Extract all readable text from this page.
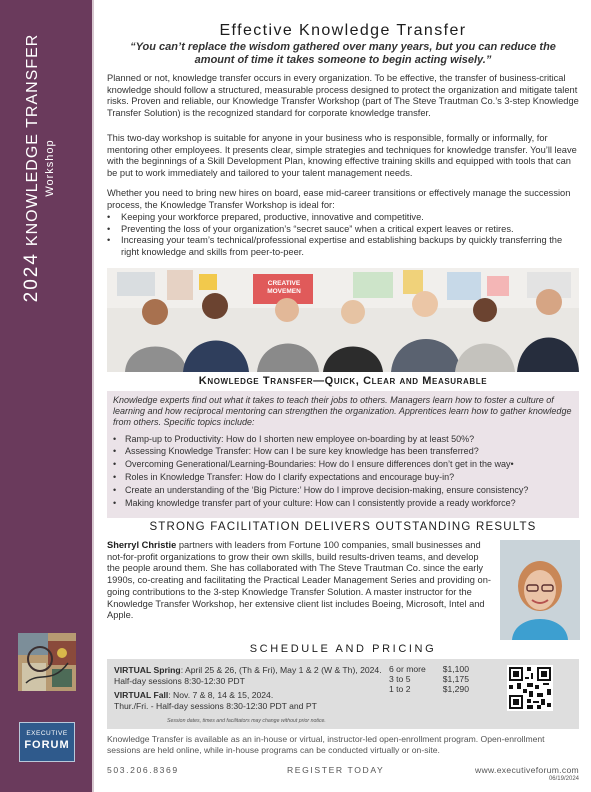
2024KNOWLEDGE TRANSFER Workshop
EXECUTIVE
FORUM
Effective Knowledge Transfer
“You can’t replace the wisdom gathered over many years, but you can reduce the amount of time it takes someone to begin acting wisely.”

Planned or not, knowledge transfer occurs in every organization. To be effective, the transfer of business-critical knowledge should follow a structured, measurable process designed to protect the organization and mitigate talent risks. Proven and reliable, our Knowledge Transfer Workshop (part of The Steve Trautman Co.’s 3-step Knowledge Transfer Solution) is the recognized standard for corporate knowledge transfer.

This two-day workshop is suitable for anyone in your business who is responsible, formally or informally, for mentoring other employees. It presents clear, simple strategies and techniques for knowledge transfer. You’ll leave with the beginnings of a Skill Development Plan, knowing effective training skills and equipped with tools that can be put to work immediately and tailored to your talent management needs.

Whether you need to bring new hires on board, ease mid-career transitions or effectively manage the succession process, the Knowledge Transfer Workshop is ideal for:

• Keeping your workforce prepared, productive, innovative and competitive.
• Preventing the loss of your organization’s “secret sauce” when a critical expert leaves or retires.
• Increasing your team’s technical/professional expertise and establishing backups by quickly transferring the right knowledge and skills from peer-to-peer.
CREATIVE MOVEMEN
Knowledge Transfer—Quick, Clear and Measurable

Knowledge experts find out what it takes to teach their jobs to others. Managers learn how to foster a culture of learning and how reciprocal mentoring can strengthen the organization. Apprentices learn how to gather knowledge from others. Specific topics include:

• Ramp-up to Productivity: How do I shorten new employee on-boarding by at least 50%?
• Assessing Knowledge Transfer: How can I be sure key knowledge has been transferred?
• Overcoming Generational/Learning-Boundaries: How do I ensure differences don’t get in the way•
• Roles in Knowledge Transfer: How do I clarify expectations and encourage buy-in?
• Create an understanding of the ‘Big Picture:’ How do I improve decision-making, ensure consistency?
• Making knowledge transfer part of your culture: How can I consistently provide a ready workforce?
STRONG FACILITATION DELIVERS OUTSTANDING RESULTS

Sherryl Christie partners with leaders from Fortune 100 companies, small businesses and not-for-profit organizations to grow their own skills, build results-driven teams, and develop the people around them. She has collaborated with The Steve Trautman Co. since the early 1990s, co-creating and facilitating the Practical Leader Management Series and providing on-going contributions to the 3-step Knowledge Transfer Solution. A master instructor for the Knowledge Transfer Workshop, her extensive client list includes Boeing, Microsoft, Intel and Apple.

SCHEDULE AND PRICING
VIRTUAL Spring: April 25 & 26, (Th & Fri), May 1 & 2 (W & Th), 2024.
Half-day sessions 8:30-12:30 PDT
VIRTUAL Fall: Nov. 7 & 8, 14 & 15, 2024.
Thur./Fri. - Half-day sessions 8:30-12:30 PDT and PT
6 or more $1,100
3 to 5	$1,175
1 to 2	$1,290
Session dates, times and facilitators may change without prior notice.

Knowledge Transfer is available as an in-house or virtual, instructor-led open-enrollment program. Open-enrollment sessions are held online, while in-house programs can be conducted virtually or on-site.

503.206.8369	REGISTER TODAY	www.executiveforum.com
06/19/2024
